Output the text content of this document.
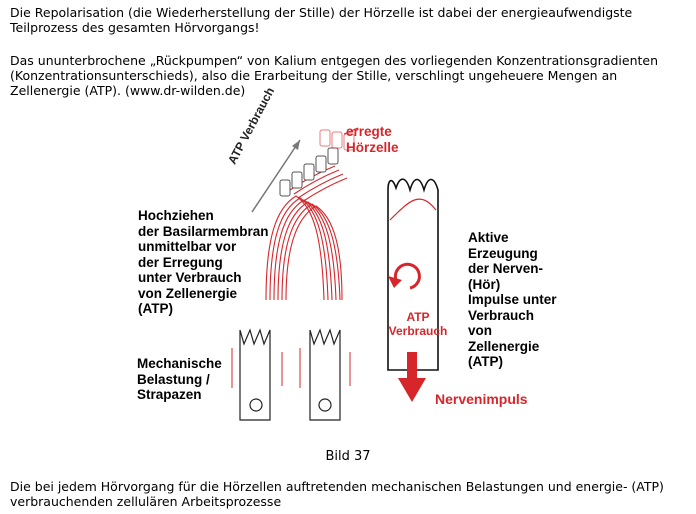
Die Repolarisation (die Wiederherstellung der Stille) der Hörzelle ist dabei der energieaufwendigste Teilprozess des gesamten Hörvorgangs!

Das ununterbrochene „Rückpumpen“ von Kalium entgegen des vorliegenden Konzentrationsgradienten (Konzentrationsunterschieds), also die Erarbeitung der Stille, verschlingt ungeheuere Mengen an Zellenergie (ATP). (www.dr-wilden.de)

erregte
Hörzelle
ATP Verbrauch
Hochziehen
der Basilarmembran
unmittelbar vor
der Erregung
unter Verbrauch
von Zellenergie
(ATP)
Mechanische
Belastung /
Strapazen
Aktive
Erzeugung
der Nerven-
(Hör)
Impulse unter
Verbrauch
von
Zellenergie
(ATP)
ATP
Verbrauch
Nervenimpuls
Bild 37

Die bei jedem Hörvorgang für die Hörzellen auftretenden mechanischen Belastungen und energie- (ATP) verbrauchenden zellulären Arbeitsprozesse
